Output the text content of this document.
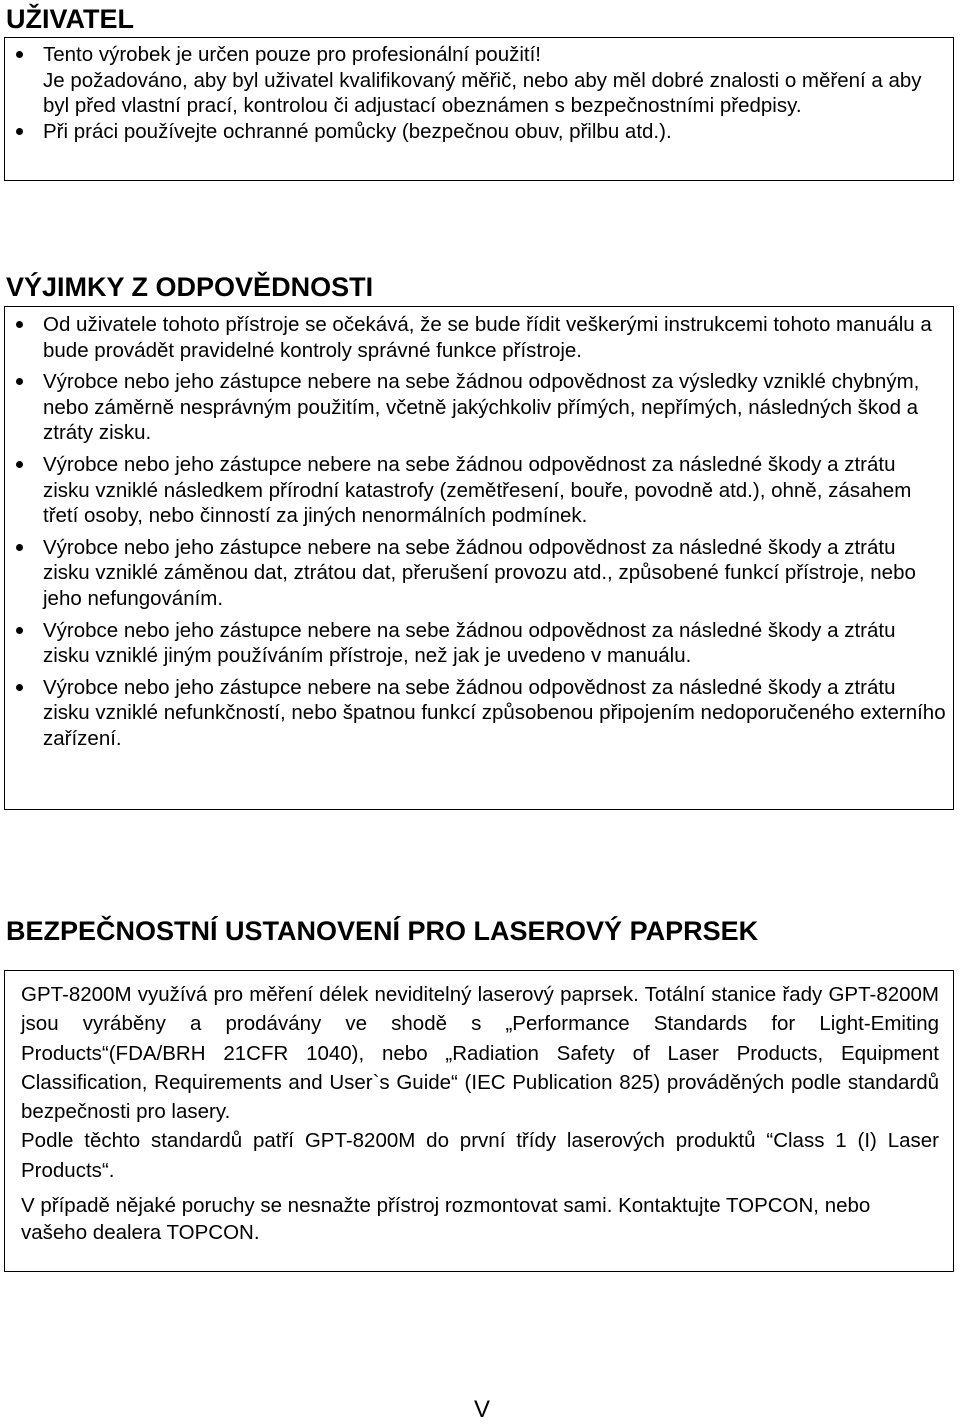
UŽIVATEL
Tento výrobek je určen pouze pro profesionální použití!
Je požadováno, aby byl uživatel kvalifikovaný měřič, nebo aby měl dobré znalosti o měření a aby byl před vlastní prací, kontrolou či adjustací obeznámen s bezpečnostními předpisy.
Při práci používejte ochranné pomůcky (bezpečnou obuv, přilbu atd.).
VÝJIMKY Z ODPOVĚDNOSTI
Od uživatele tohoto přístroje se očekává, že se bude řídit veškerými instrukcemi tohoto manuálu a bude provádět pravidelné kontroly správné funkce přístroje.
Výrobce nebo jeho zástupce nebere na sebe žádnou odpovědnost za výsledky vzniklé chybným, nebo záměrně nesprávným použitím, včetně jakýchkoliv přímých, nepřímých, následných škod a ztráty zisku.
Výrobce nebo jeho zástupce nebere na sebe žádnou odpovědnost za následné škody a ztrátu zisku vzniklé následkem přírodní katastrofy (zemětřesení, bouře, povodně atd.), ohně, zásahem třetí osoby, nebo činností za jiných nenormálních podmínek.
Výrobce nebo jeho zástupce nebere na sebe žádnou odpovědnost za následné škody a ztrátu zisku vzniklé záměnou dat, ztrátou dat, přerušení provozu atd., způsobené funkcí přístroje, nebo jeho nefungováním.
Výrobce nebo jeho zástupce nebere na sebe žádnou odpovědnost za následné škody a ztrátu zisku vzniklé jiným používáním přístroje, než jak je uvedeno v manuálu.
Výrobce nebo jeho zástupce nebere na sebe žádnou odpovědnost za následné škody a ztrátu zisku vzniklé nefunkčností, nebo špatnou funkcí způsobenou připojením nedoporučeného externího zařízení.
BEZPEČNOSTNÍ USTANOVENÍ PRO LASEROVÝ PAPRSEK

GPT-8200M využívá pro měření délek neviditelný laserový paprsek. Totální stanice řady GPT-8200M jsou vyráběny a prodávány ve shodě s „Performance Standards for Light-Emiting Products“(FDA/BRH 21CFR 1040), nebo „Radiation Safety of Laser Products, Equipment Classification, Requirements and User`s Guide“ (IEC Publication 825) prováděných podle standardů bezpečnosti pro lasery.

Podle těchto standardů patří GPT-8200M do první třídy laserových produktů “Class 1 (I) Laser Products“.

V případě nějaké poruchy se nesnažte přístroj rozmontovat sami. Kontaktujte TOPCON, nebo vašeho dealera TOPCON.

V
